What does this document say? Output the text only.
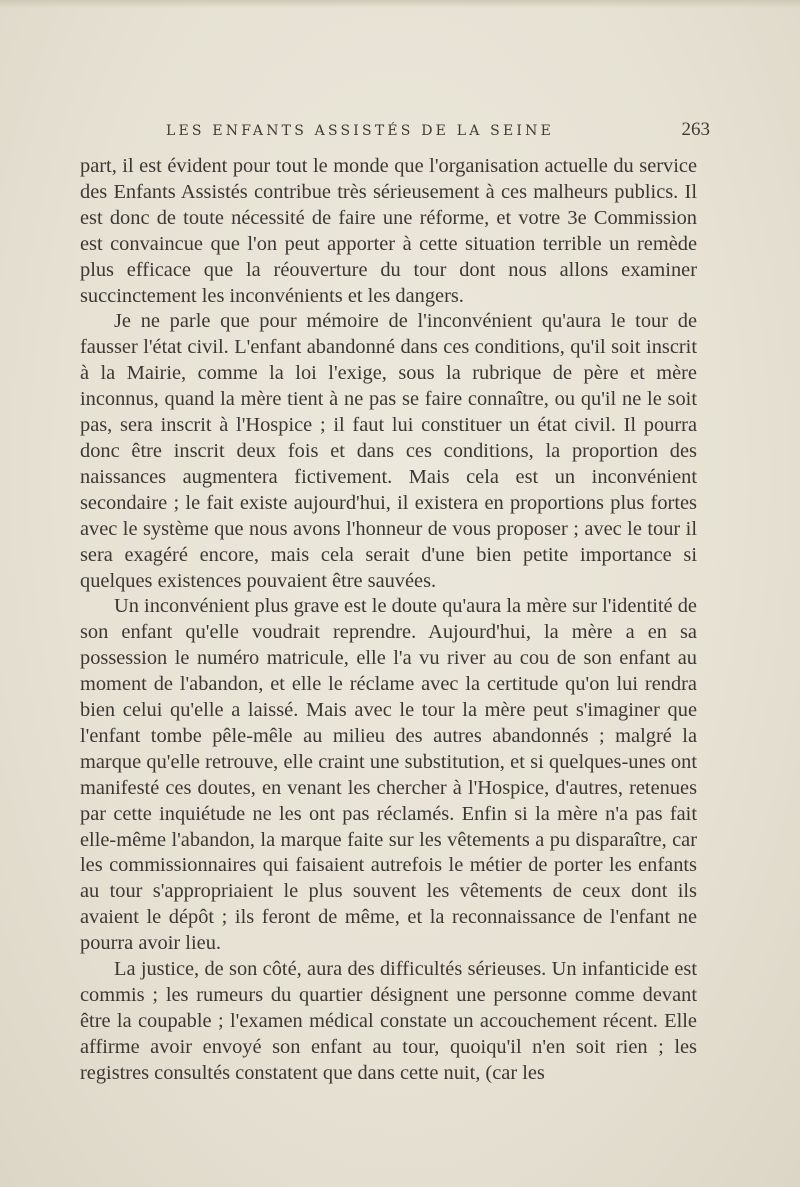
LES ENFANTS ASSISTÉS DE LA SEINE	263

part, il est évident pour tout le monde que l'organisation actuelle du service des Enfants Assistés contribue très sérieusement à ces malheurs publics. Il est donc de toute nécessité de faire une réforme, et votre 3e Commission est convaincue que l'on peut apporter à cette situation terrible un remède plus efficace que la réouverture du tour dont nous allons examiner succinctement les inconvénients et les dangers.

Je ne parle que pour mémoire de l'inconvénient qu'aura le tour de fausser l'état civil. L'enfant abandonné dans ces conditions, qu'il soit inscrit à la Mairie, comme la loi l'exige, sous la rubrique de père et mère inconnus, quand la mère tient à ne pas se faire connaître, ou qu'il ne le soit pas, sera inscrit à l'Hospice ; il faut lui constituer un état civil. Il pourra donc être inscrit deux fois et dans ces conditions, la proportion des naissances augmentera fictivement. Mais cela est un inconvénient secondaire ; le fait existe aujourd'hui, il existera en proportions plus fortes avec le système que nous avons l'honneur de vous proposer ; avec le tour il sera exagéré encore, mais cela serait d'une bien petite importance si quelques existences pouvaient être sauvées.

Un inconvénient plus grave est le doute qu'aura la mère sur l'identité de son enfant qu'elle voudrait reprendre. Aujourd'hui, la mère a en sa possession le numéro matricule, elle l'a vu river au cou de son enfant au moment de l'abandon, et elle le réclame avec la certitude qu'on lui rendra bien celui qu'elle a laissé. Mais avec le tour la mère peut s'imaginer que l'enfant tombe pêle-mêle au milieu des autres abandonnés ; malgré la marque qu'elle retrouve, elle craint une substitution, et si quelques-unes ont manifesté ces doutes, en venant les chercher à l'Hospice, d'autres, retenues par cette inquiétude ne les ont pas réclamés. Enfin si la mère n'a pas fait elle-même l'abandon, la marque faite sur les vêtements a pu disparaître, car les commissionnaires qui faisaient autrefois le métier de porter les enfants au tour s'appropriaient le plus souvent les vêtements de ceux dont ils avaient le dépôt ; ils feront de même, et la reconnaissance de l'enfant ne pourra avoir lieu.

La justice, de son côté, aura des difficultés sérieuses. Un infanticide est commis ; les rumeurs du quartier désignent une personne comme devant être la coupable ; l'examen médical constate un accouchement récent. Elle affirme avoir envoyé son enfant au tour, quoiqu'il n'en soit rien ; les registres consultés constatent que dans cette nuit, (car les
